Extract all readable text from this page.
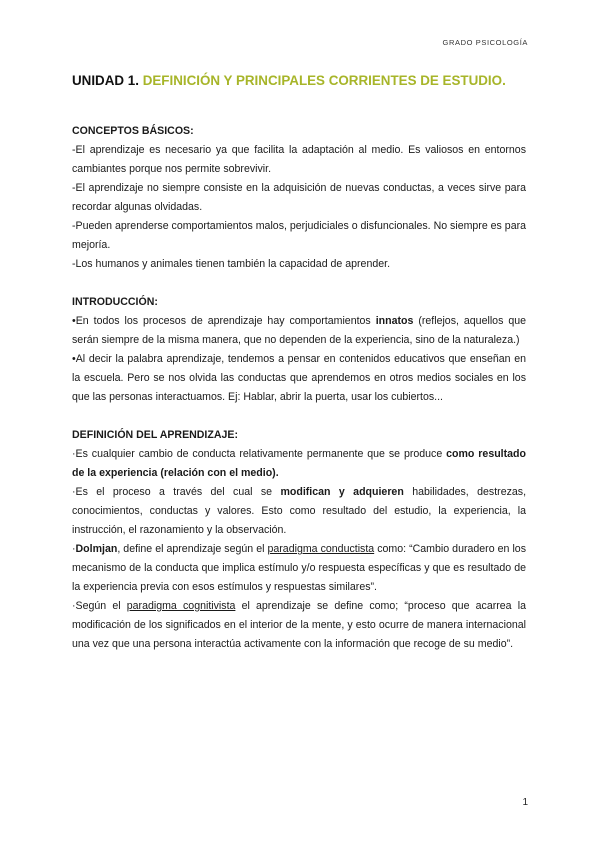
GRADO PSICOLOGÍA
UNIDAD 1. DEFINICIÓN Y PRINCIPALES CORRIENTES DE ESTUDIO.

CONCEPTOS BÁSICOS:

-El aprendizaje es necesario ya que facilita la adaptación al medio. Es valiosos en entornos cambiantes porque nos permite sobrevivir.

-El aprendizaje no siempre consiste en la adquisición de nuevas conductas, a veces sirve para recordar algunas olvidadas.

-Pueden aprenderse comportamientos malos, perjudiciales o disfuncionales. No siempre es para mejoría.

-Los humanos y animales tienen también la capacidad de aprender.

INTRODUCCIÓN:

•En todos los procesos de aprendizaje hay comportamientos innatos (reflejos, aquellos que serán siempre de la misma manera, que no dependen de la experiencia, sino de la naturaleza.)

•Al decir la palabra aprendizaje, tendemos a pensar en contenidos educativos que enseñan en la escuela. Pero se nos olvida las conductas que aprendemos en otros medios sociales en los que las personas interactuamos. Ej: Hablar, abrir la puerta, usar los cubiertos...

DEFINICIÓN DEL APRENDIZAJE:

·Es cualquier cambio de conducta relativamente permanente que se produce como resultado de la experiencia (relación con el medio).

·Es el proceso a través del cual se modifican y adquieren habilidades, destrezas, conocimientos, conductas y valores. Esto como resultado del estudio, la experiencia, la instrucción, el razonamiento y la observación.

·Dolmjan, define el aprendizaje según el paradigma conductista como: “Cambio duradero en los mecanismo de la conducta que implica estímulo y/o respuesta específicas y que es resultado de la experiencia previa con esos estímulos y respuestas similares”.

·Según el paradigma cognitivista el aprendizaje se define como; “proceso que acarrea la modificación de los significados en el interior de la mente, y esto ocurre de manera internacional una vez que una persona interactúa activamente con la información que recoge de su medio”.

1
